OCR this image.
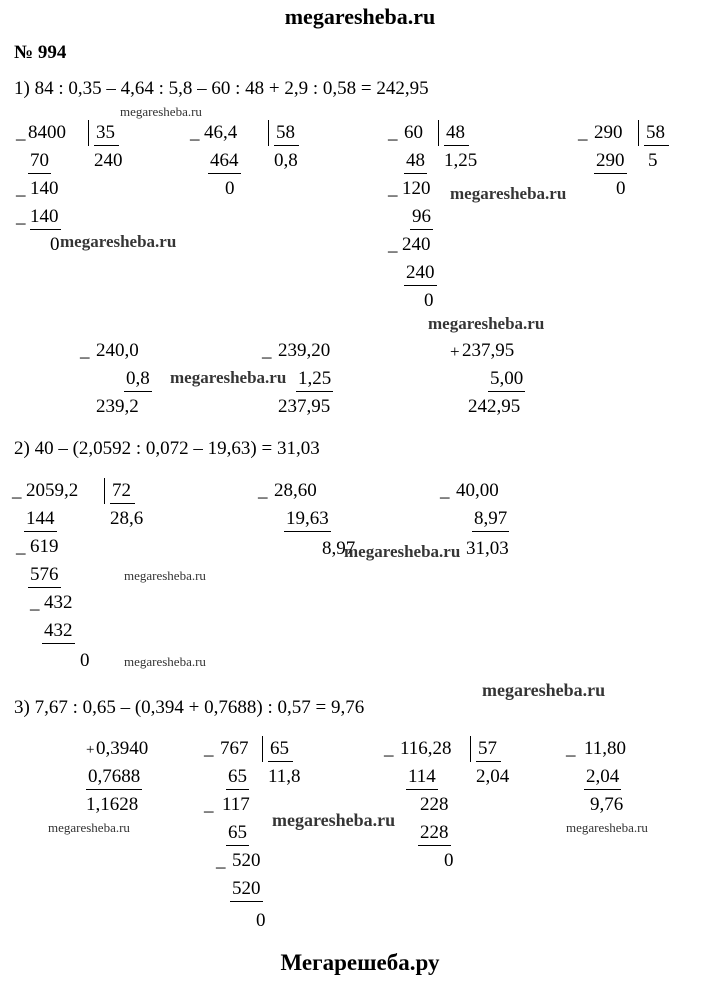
megaresheba.ru
№ 994
1) 84 : 0,35 – 4,64 : 5,8 – 60 : 48 + 2,9 : 0,58 = 242,95
megaresheba.ru
_ 8400 35
240
70
_ 140
_ 140
0 megaresheba.ru
_ 46,4 58
0,8
464
0
_ 60 48
1,25
48
_ 120
96
_ 240
240
0
_ 290 58
5
290
0
megaresheba.ru
megaresheba.ru
_ 240,0
0,8
239,2
_ 239,20
1,25
237,95
+ 237,95
5,00
242,95
megaresheba.ru
2) 40 – (2,0592 : 0,072 – 19,63) = 31,03
_ 2059,2 72
28,6
144
_ 619
576
_ 432
432
0
megaresheba.ru
megaresheba.ru
_ 28,60
19,63
8,97
_ 40,00
8,97
31,03
megaresheba.ru
3) 7,67 : 0,65 – (0,394 + 0,7688) : 0,57 = 9,76
megaresheba.ru
+ 0,3940
0,7688
1,1628
megaresheba.ru
_ 767 65
11,8
65
_ 117
65
_ 520
520
0
_ 116,28 57
2,04
114
228
228
0
_ 11,80
2,04
9,76
megaresheba.ru
megaresheba.ru
Мегарешеба.ру
